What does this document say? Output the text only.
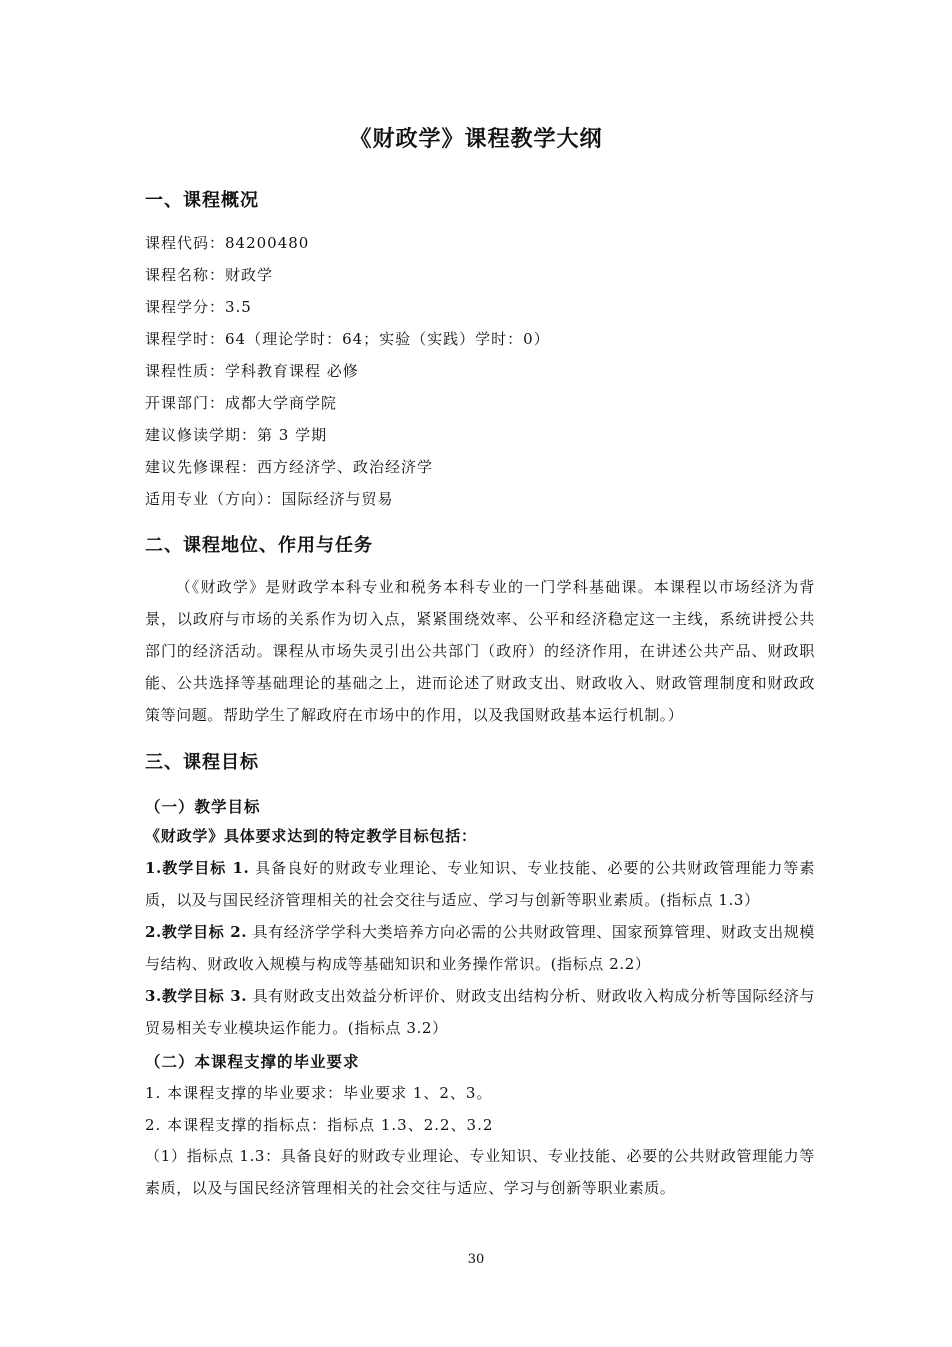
《财政学》课程教学大纲
一、课程概况
课程代码：84200480
课程名称：财政学
课程学分：3.5
课程学时：64（理论学时：64；实验（实践）学时：0）
课程性质：学科教育课程 必修
开课部门：成都大学商学院
建议修读学期：第 3 学期
建议先修课程：西方经济学、政治经济学
适用专业（方向）：国际经济与贸易
二、课程地位、作用与任务
（《财政学》是财政学本科专业和税务本科专业的一门学科基础课。本课程以市场经济为背景，以政府与市场的关系作为切入点，紧紧围绕效率、公平和经济稳定这一主线，系统讲授公共部门的经济活动。课程从市场失灵引出公共部门（政府）的经济作用，在讲述公共产品、财政职能、公共选择等基础理论的基础之上，进而论述了财政支出、财政收入、财政管理制度和财政政策等问题。帮助学生了解政府在市场中的作用，以及我国财政基本运行机制。）
三、课程目标
（一）教学目标
《财政学》具体要求达到的特定教学目标包括：
1.教学目标 1. 具备良好的财政专业理论、专业知识、专业技能、必要的公共财政管理能力等素质，以及与国民经济管理相关的社会交往与适应、学习与创新等职业素质。(指标点 1.3）
2.教学目标 2. 具有经济学学科大类培养方向必需的公共财政管理、国家预算管理、财政支出规模与结构、财政收入规模与构成等基础知识和业务操作常识。(指标点 2.2）
3.教学目标 3. 具有财政支出效益分析评价、财政支出结构分析、财政收入构成分析等国际经济与贸易相关专业模块运作能力。(指标点 3.2）
（二）本课程支撑的毕业要求
1. 本课程支撑的毕业要求：毕业要求 1、2、3。
2. 本课程支撑的指标点：指标点 1.3、2.2、3.2
（1）指标点 1.3：具备良好的财政专业理论、专业知识、专业技能、必要的公共财政管理能力等素质，以及与国民经济管理相关的社会交往与适应、学习与创新等职业素质。
30
